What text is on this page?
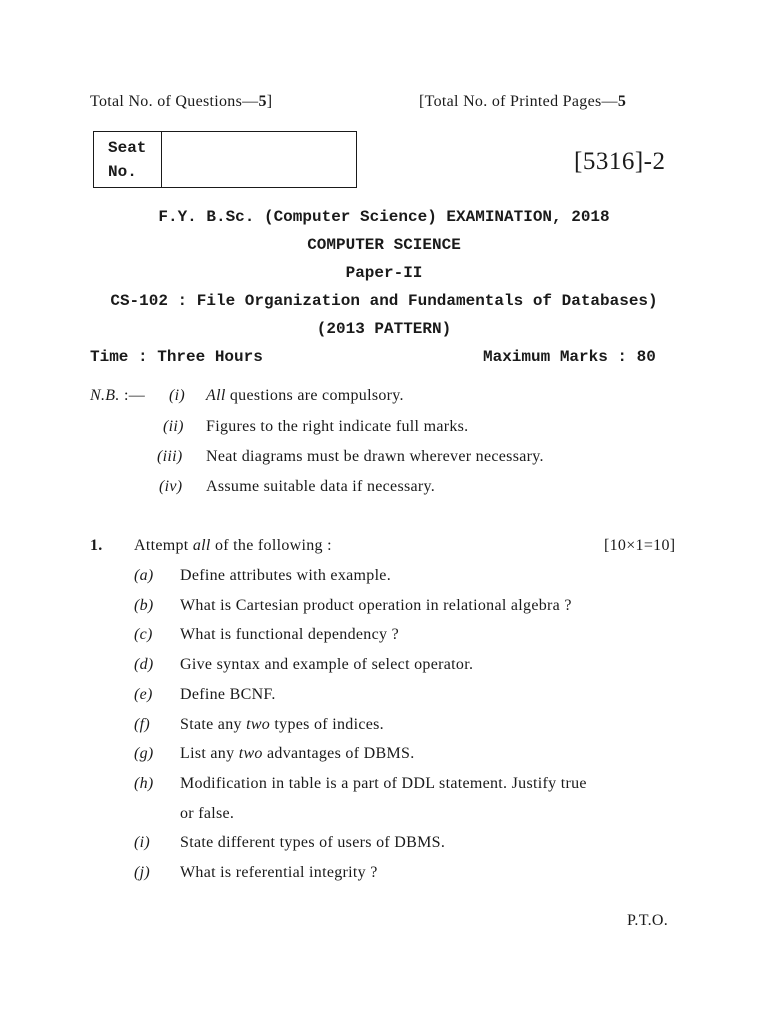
Total No. of Questions—5]	[Total No. of Printed Pages—5
Seat
No.	[5316]-2
F.Y. B.Sc. (Computer Science) EXAMINATION, 2018
COMPUTER SCIENCE
Paper-II
CS-102 : File Organization and Fundamentals of Databases)
(2013 PATTERN)
Time : Three Hours	Maximum Marks : 80
N.B. :— (i) All questions are compulsory.
(ii) Figures to the right indicate full marks.
(iii) Neat diagrams must be drawn wherever necessary.
(iv) Assume suitable data if necessary.
1. Attempt all of the following :	[10×1=10]
(a) Define attributes with example.
(b) What is Cartesian product operation in relational algebra ?
(c) What is functional dependency ?
(d) Give syntax and example of select operator.
(e) Define BCNF.
(f) State any two types of indices.
(g) List any two advantages of DBMS.
(h) Modification in table is a part of DDL statement. Justify true
or false.
(i) State different types of users of DBMS.
(j) What is referential integrity ?
P.T.O.
